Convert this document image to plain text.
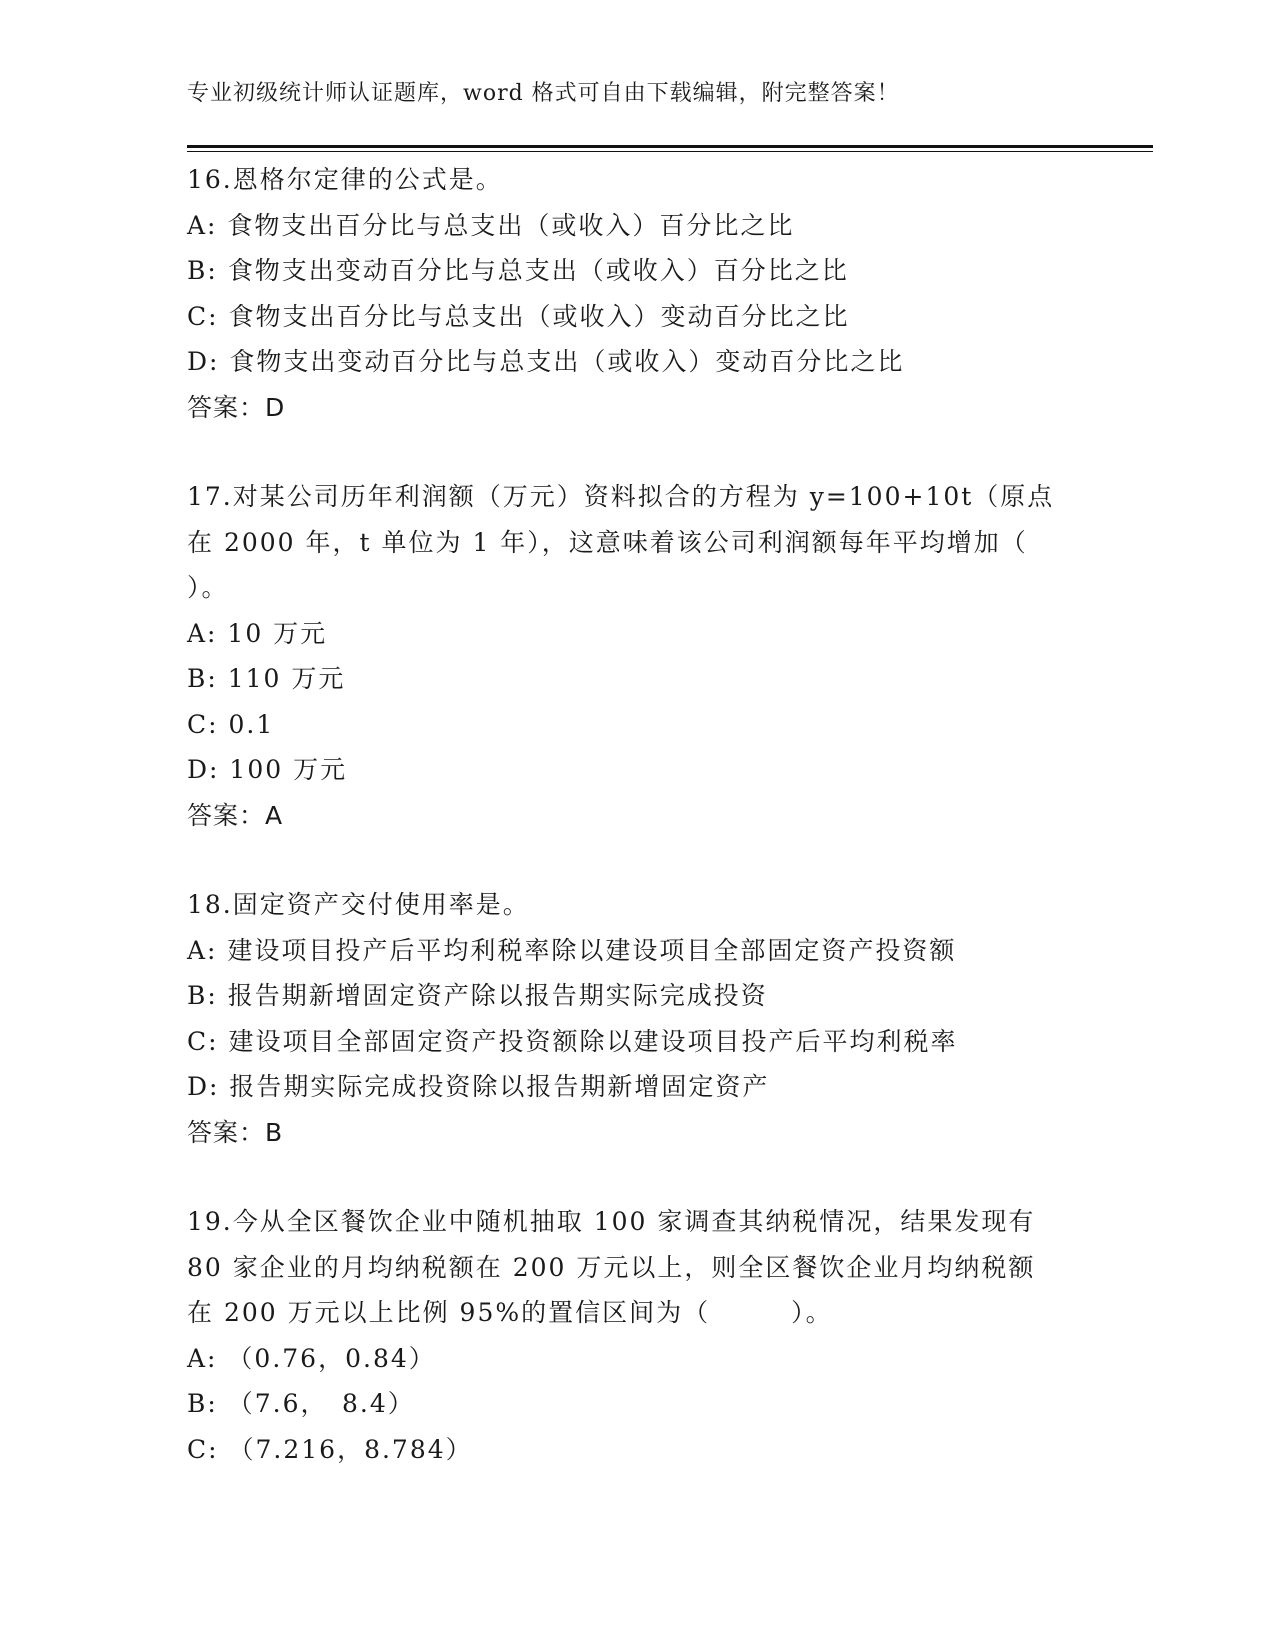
专业初级统计师认证题库，word 格式可自由下载编辑，附完整答案！
16.恩格尔定律的公式是。
A: 食物支出百分比与总支出（或收入）百分比之比
B: 食物支出变动百分比与总支出（或收入）百分比之比
C: 食物支出百分比与总支出（或收入）变动百分比之比
D: 食物支出变动百分比与总支出（或收入）变动百分比之比
答案：D
17.对某公司历年利润额（万元）资料拟合的方程为 y=100+10t（原点
在 2000 年，t 单位为 1 年），这意味着该公司利润额每年平均增加（
）。
A: 10 万元
B: 110 万元
C: 0.1
D: 100 万元
答案：A
18.固定资产交付使用率是。
A: 建设项目投产后平均利税率除以建设项目全部固定资产投资额
B: 报告期新增固定资产除以报告期实际完成投资
C: 建设项目全部固定资产投资额除以建设项目投产后平均利税率
D: 报告期实际完成投资除以报告期新增固定资产
答案：B
19.今从全区餐饮企业中随机抽取 100 家调查其纳税情况，结果发现有
80 家企业的月均纳税额在 200 万元以上，则全区餐饮企业月均纳税额
在 200 万元以上比例 95%的置信区间为（　　　）。
A: （0.76，0.84）
B: （7.6，　8.4）
C: （7.216，8.784）
